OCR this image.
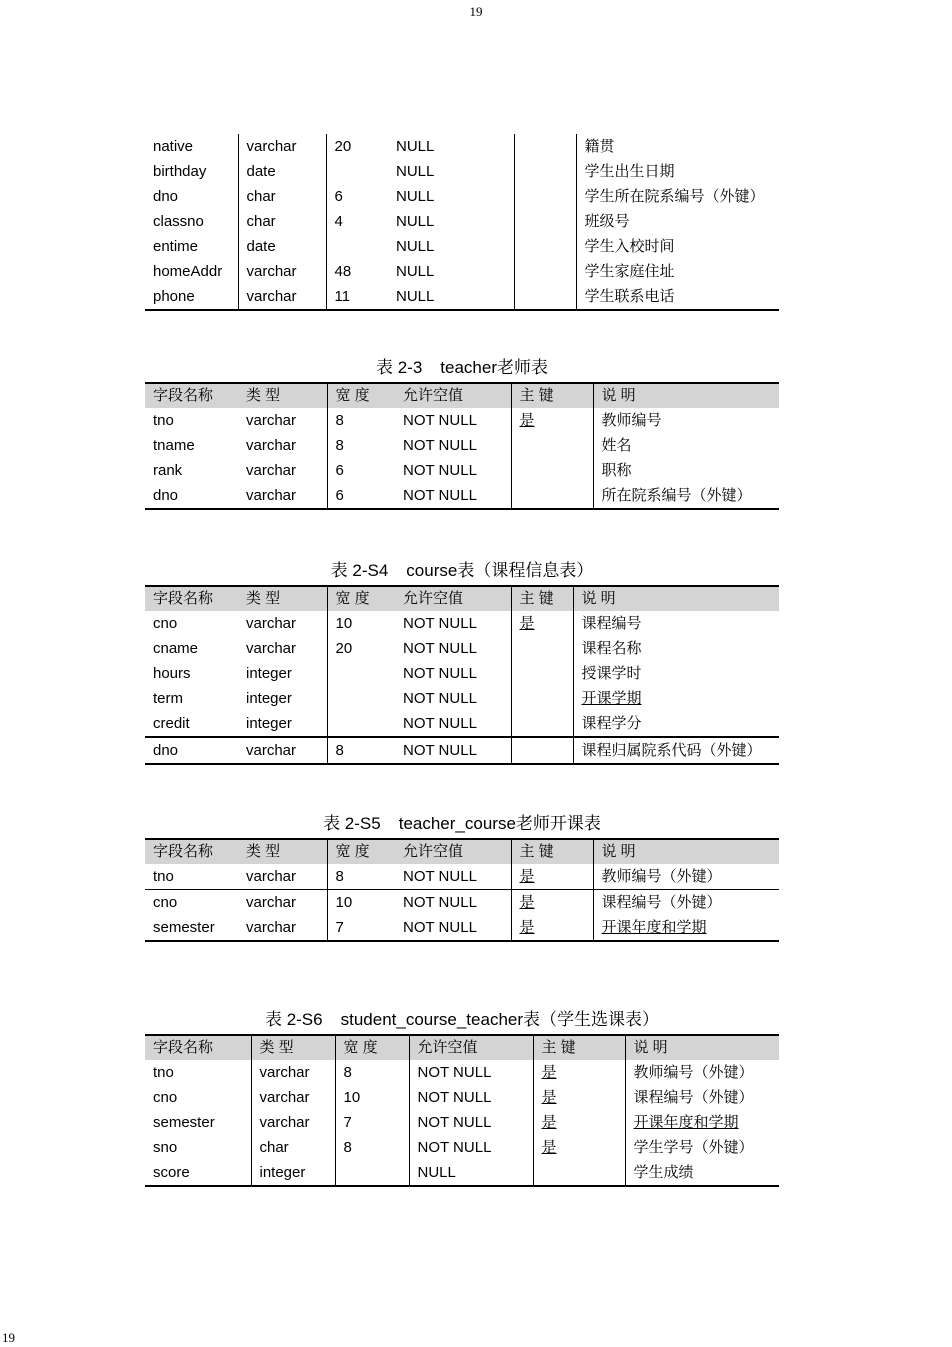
19
native	varchar	20	NULL		籍贯
birthday	date		NULL		学生出生日期
dno	char	6	NULL		学生所在院系编号（外键）
classno	char	4	NULL		班级号
entime	date		NULL		学生入校时间
homeAddr	varchar	48	NULL		学生家庭住址
phone	varchar	11	NULL		学生联系电话
表 2-3 teacher老师表
字段名称	类 型	宽 度	允许空值	主 键	说 明
tno	varchar	8	NOT NULL	是	教师编号
tname	varchar	8	NOT NULL		姓名
rank	varchar	6	NOT NULL		职称
dno	varchar	6	NOT NULL		所在院系编号（外键）
表 2-S4 course表（课程信息表）
字段名称	类 型	宽 度	允许空值	主 键	说 明
cno	varchar	10	NOT NULL	是	课程编号
cname	varchar	20	NOT NULL		课程名称
hours	integer		NOT NULL		授课学时
term	integer		NOT NULL		开课学期
credit	integer		NOT NULL		课程学分
dno	varchar	8	NOT NULL		课程归属院系代码（外键）
表 2-S5 teacher_course老师开课表
字段名称	类 型	宽 度	允许空值	主 键	说 明
tno	varchar	8	NOT NULL	是	教师编号（外键）
cno	varchar	10	NOT NULL	是	课程编号（外键）
semester	varchar	7	NOT NULL	是	开课年度和学期
表 2-S6 student_course_teacher表（学生选课表）
字段名称	类 型	宽 度	允许空值	主 键	说 明
tno	varchar	8	NOT NULL	是	教师编号（外键）
cno	varchar	10	NOT NULL	是	课程编号（外键）
semester	varchar	7	NOT NULL	是	开课年度和学期
sno	char	8	NOT NULL	是	学生学号（外键）
score	integer		NULL		学生成绩
19
